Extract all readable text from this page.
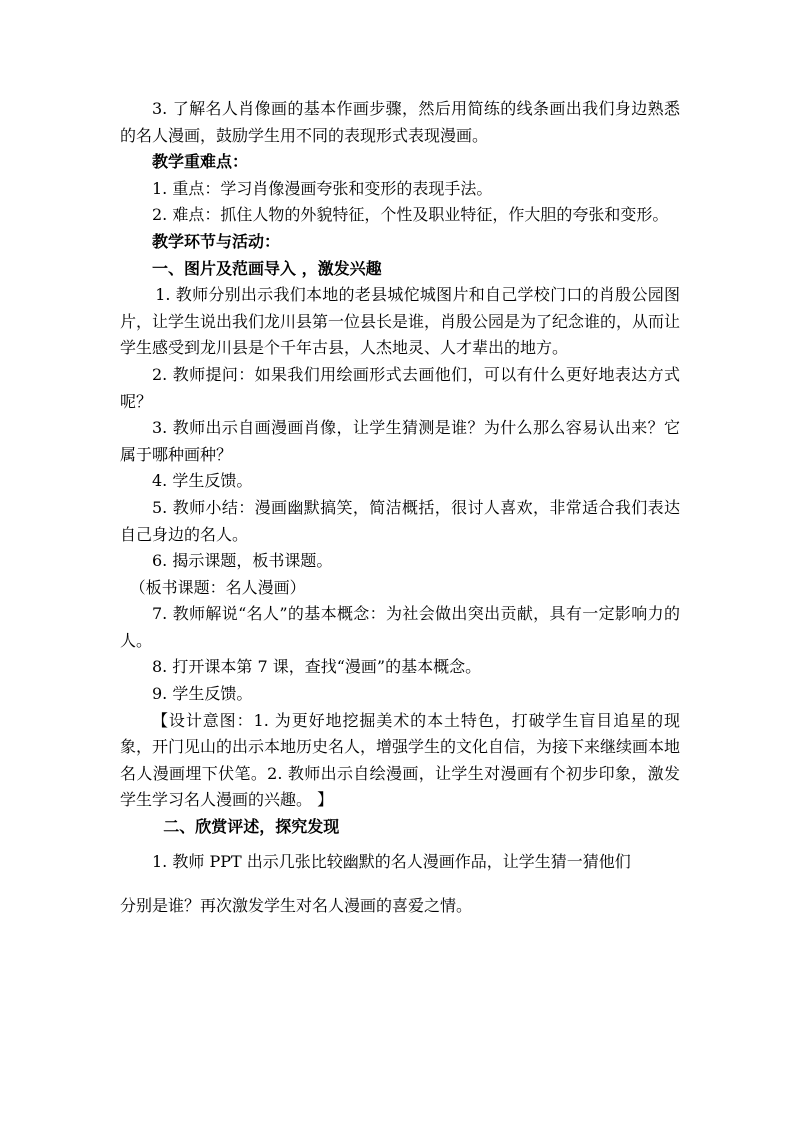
3. 了解名人肖像画的基本作画步骤，然后用简练的线条画出我们身边熟悉的名人漫画，鼓励学生用不同的表现形式表现漫画。

教学重难点：

1. 重点：学习肖像漫画夸张和变形的表现手法。

2. 难点：抓住人物的外貌特征，个性及职业特征，作大胆的夸张和变形。

教学环节与活动：

一、图片及范画导入 ，激发兴趣

1. 教师分别出示我们本地的老县城佗城图片和自己学校门口的肖殷公园图片，让学生说出我们龙川县第一位县长是谁，肖殷公园是为了纪念谁的，从而让学生感受到龙川县是个千年古县，人杰地灵、人才辈出的地方。

2. 教师提问：如果我们用绘画形式去画他们，可以有什么更好地表达方式呢？

3. 教师出示自画漫画肖像，让学生猜测是谁？为什么那么容易认出来？它属于哪种画种？

4. 学生反馈。

5. 教师小结：漫画幽默搞笑，简洁概括，很讨人喜欢，非常适合我们表达自己身边的名人。

6. 揭示课题，板书课题。

（板书课题：名人漫画）

7. 教师解说“名人”的基本概念：为社会做出突出贡献，具有一定影响力的人。

8. 打开课本第 7 课，查找“漫画”的基本概念。

9. 学生反馈。

【设计意图：1. 为更好地挖掘美术的本土特色，打破学生盲目追星的现象，开门见山的出示本地历史名人，增强学生的文化自信，为接下来继续画本地名人漫画埋下伏笔。2. 教师出示自绘漫画，让学生对漫画有个初步印象，激发学生学习名人漫画的兴趣。 】

二、欣赏评述，探究发现

1. 教师 PPT 出示几张比较幽默的名人漫画作品，让学生猜一猜他们

分别是谁？再次激发学生对名人漫画的喜爱之情。
